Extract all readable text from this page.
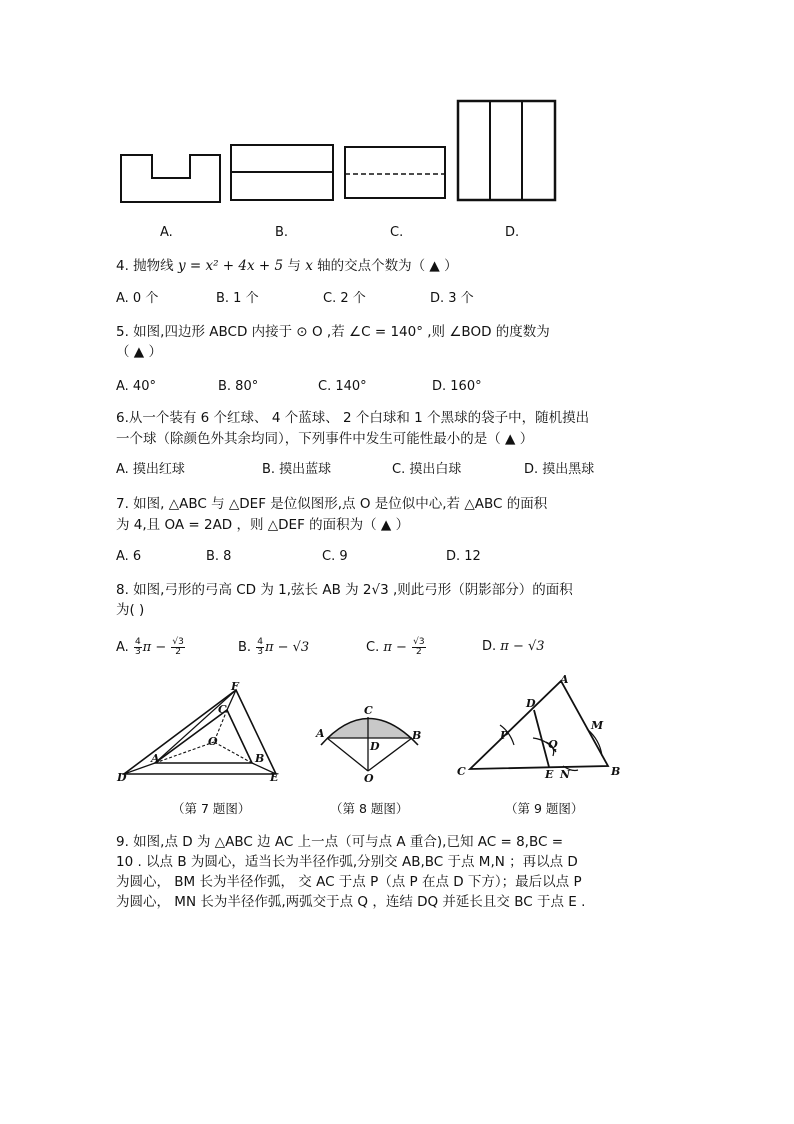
A.	B.	C.	D.
4. 抛物线 y = x² + 4x + 5 与 x 轴的交点个数为（ ▲ ）
A. 0 个	B. 1 个	C. 2 个	D. 3 个
5. 如图,四边形 ABCD 内接于 ⊙ O ,若 ∠C = 140° ,则 ∠BOD 的度数为
（ ▲ ）
A. 40°	B. 80°	C. 140°	D. 160°
6.从一个装有 6 个红球、 4 个蓝球、 2 个白球和 1 个黑球的袋子中，随机摸出
一个球（除颜色外其余均同），下列事件中发生可能性最小的是（ ▲ ）
A. 摸出红球	B. 摸出蓝球	C. 摸出白球	D. 摸出黑球
7. 如图, △ABC 与 △DEF 是位似图形,点 O 是位似中心,若 △ABC 的面积
为 4,且 OA = 2AD ，则 △DEF 的面积为（ ▲ ）
A. 6	B. 8	C. 9	D. 12
8. 如图,弓形的弓高 CD 为 1,弦长 AB 为 2√3 ,则此弓形（阴影部分）的面积
为( )
A. $\frac{4}{3}$ $\pi - \frac{√3}{2}$	B. $\frac{4}{3}$ π − √3	C. $\pi - \frac{√3}{2}$	D. π − √3
F
C
O
A	B
D	E
C
A
D
B
O
A
D
M
P
Q
C	E N	B
（第 7 题图）	（第 8 题图）	（第 9 题图）
9. 如图,点 D 为 △ABC 边 AC 上一点（可与点 A 重合),已知 AC = 8,BC =
10 . 以点 B 为圆心，适当长为半径作弧,分别交 AB,BC 于点 M,N ；再以点 D
为圆心， BM 长为半径作弧， 交 AC 于点 P（点 P 在点 D 下方）；最后以点 P
为圆心， MN 长为半径作弧,两弧交于点 Q ，连结 DQ 并延长且交 BC 于点 E .
